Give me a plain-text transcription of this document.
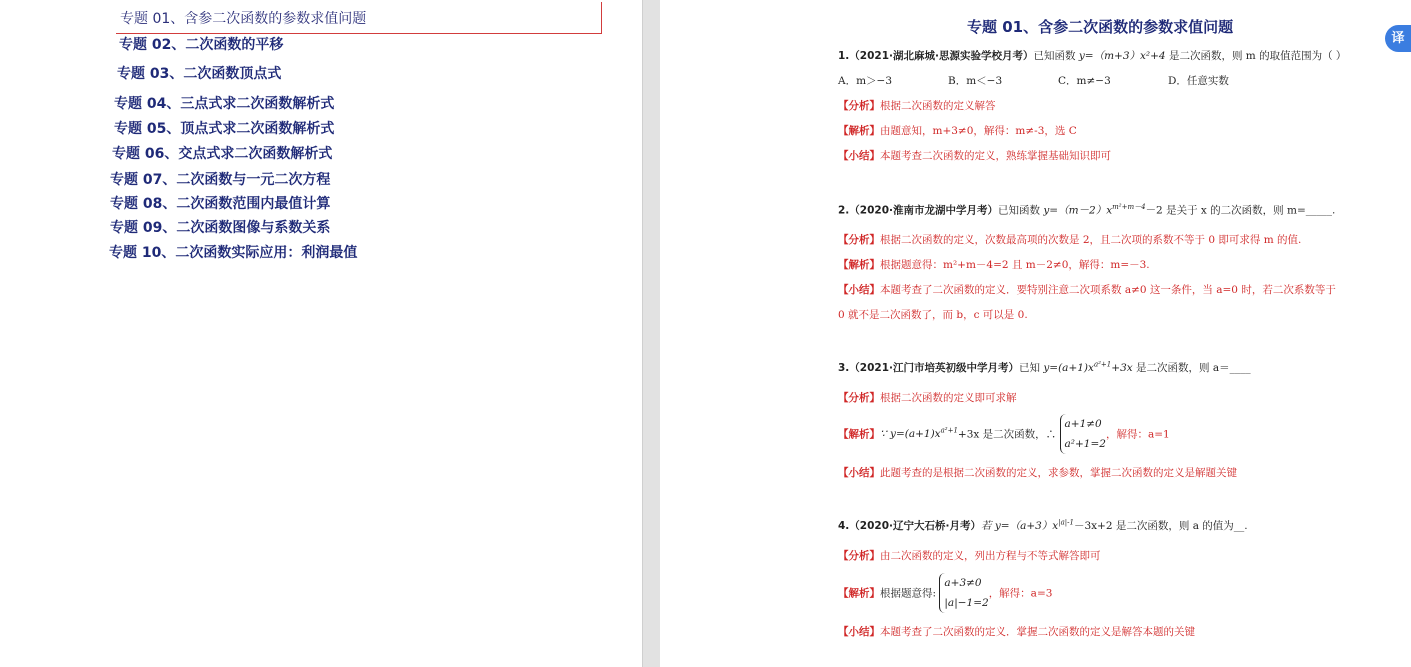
专题 01、含参二次函数的参数求值问题
专题 02、二次函数的平移
专题 03、二次函数顶点式
专题 04、三点式求二次函数解析式
专题 05、顶点式求二次函数解析式
专题 06、交点式求二次函数解析式
专题 07、二次函数与一元二次方程
专题 08、二次函数范围内最值计算
专题 09、二次函数图像与系数关系
专题 10、二次函数实际应用：利润最值
专题 01、含参二次函数的参数求值问题
1.（2021·湖北麻城·思源实验学校月考）已知函数 y=（m+3）x²+4 是二次函数，则 m 的取值范围为（ ）
A．m＞−3	B．m＜−3	C．m≠−3	D．任意实数
【分析】根据二次函数的定义解答
【解析】由题意知，m+3≠0，解得：m≠-3，选 C
【小结】本题考查二次函数的定义，熟练掌握基础知识即可
2.（2020·淮南市龙湖中学月考）已知函数 $y=(m-2)x^{m^2+m-4}-2$ 是关于 x 的二次函数，则 m=_____.
【分析】根据二次函数的定义，次数最高项的次数是 2，且二次项的系数不等于 0 即可求得 m 的值.
【解析】根据题意得：m²+m－4=2 且 m－2≠0，解得：m=－3.
【小结】本题考查了二次函数的定义．要特别注意二次项系数 a≠0 这一条件，当 a=0 时，若二次系数等于
0 就不是二次函数了，而 b，c 可以是 0.
3.（2021·江门市培英初级中学月考）已知 $y=(a+1)x^{a^2+1}+3x$ 是二次函数，则 a＝____
【分析】根据二次函数的定义即可求解
【解析】∵ $y=(a+1)x^{a^2+1}+3x$ 是二次函数，∴ a+1≠0
a²+1=2，解得：a=1
【小结】此题考查的是根据二次函数的定义，求参数，掌握二次函数的定义是解题关键
4.（2020·辽宁大石桥·月考）若 $y=(a+3)x^{|a|-1}-3x+2$ 是二次函数，则 a 的值为__.
【分析】由二次函数的定义，列出方程与不等式解答即可
【解析】根据题意得: a+3≠0
|a|−1=2，解得：a=3
【小结】本题考查了二次函数的定义．掌握二次函数的定义是解答本题的关键
译
